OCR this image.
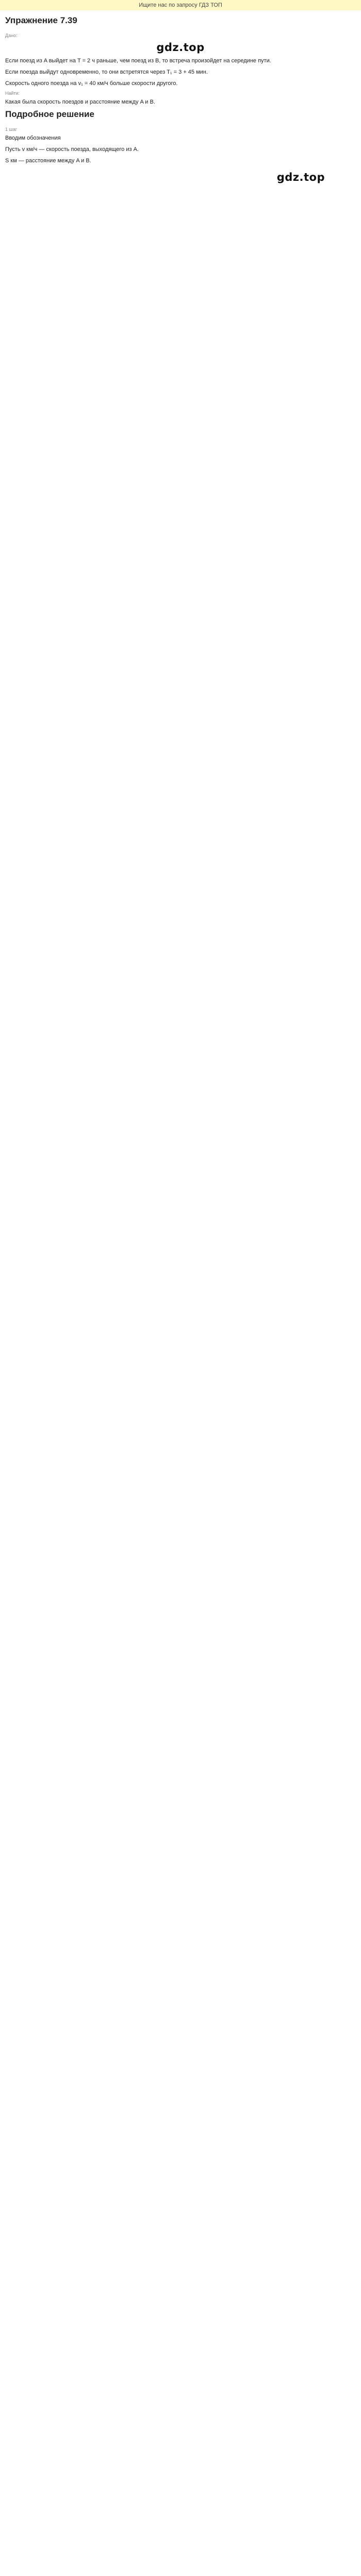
Ищите нас по запросу ГДЗ ТОП
Упражнение 7.39
Дано:
gdz.top
Если поезд из A выйдет на T = 2 ч раньше, чем поезд из B, то встреча произойдет на середине пути.
Если поезда выйдут одновременно, то они встретятся через T₁ = 3 + 45 мин.
Скорость одного поезда на v₁ = 40 км/ч больше скорости другого.
Найти:
Какая была скорость поездов и расстояние между A и B.
Подробное решение
1 шаг
Вводим обозначения
Пусть v км/ч — скорость поезда, выходящего из A.
S км — расстояние между A и B.
gdz.top
